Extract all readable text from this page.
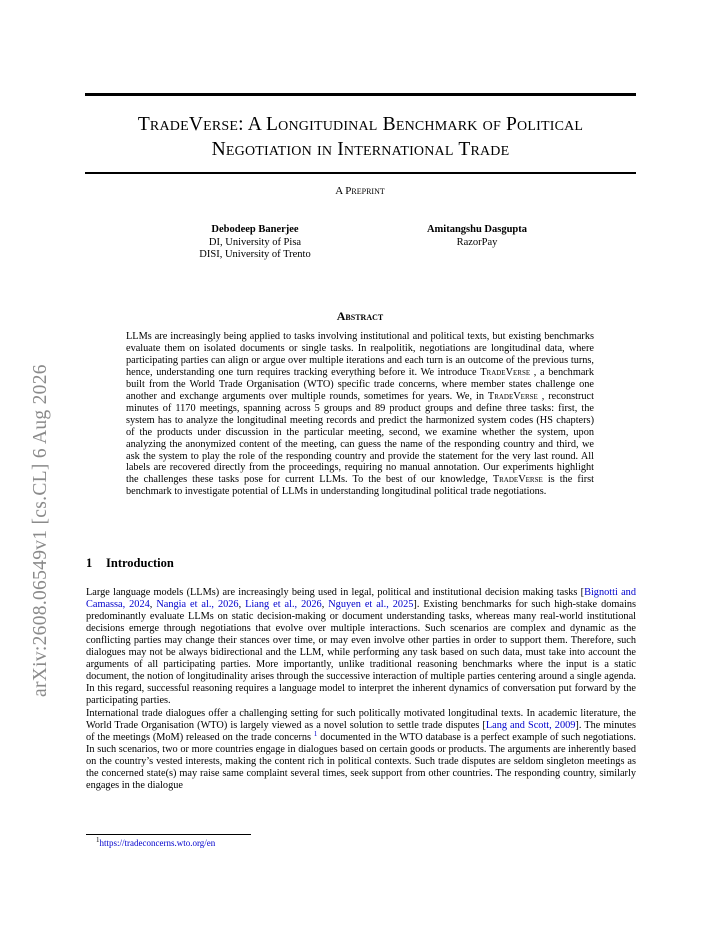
TradeVerse: A Longitudinal Benchmark of Political
Negotiation in International Trade
A Preprint
Debodeep Banerjee
DI, University of Pisa
DISI, University of Trento
Amitangshu Dasgupta
RazorPay
arXiv:2608.06549v1 [cs.CL] 6 Aug 2026
Abstract

LLMs are increasingly being applied to tasks involving institutional and political texts, but existing benchmarks evaluate them on isolated documents or single tasks. In realpolitik, negotiations are longitudinal data, where participating parties can align or argue over multiple iterations and each turn is an outcome of the previous turns, hence, understanding one turn requires tracking everything before it. We introduce TradeVerse , a benchmark built from the World Trade Organisation (WTO) specific trade concerns, where member states challenge one another and exchange arguments over multiple rounds, sometimes for years. We, in TradeVerse , reconstruct minutes of 1170 meetings, spanning across 5 groups and 89 product groups and define three tasks: first, the system has to analyze the longitudinal meeting records and predict the harmonized system codes (HS chapters) of the products under discussion in the particular meeting, second, we examine whether the system, upon analyzing the anonymized content of the meeting, can guess the name of the responding country and third, we ask the system to play the role of the responding country and provide the statement for the very last round. All labels are recovered directly from the proceedings, requiring no manual annotation. Our experiments highlight the challenges these tasks pose for current LLMs. To the best of our knowledge, TradeVerse is the first benchmark to investigate potential of LLMs in understanding longitudinal political trade negotiations.

1 Introduction

Large language models (LLMs) are increasingly being used in legal, political and institutional decision making tasks [Bignotti and Camassa, 2024, Nangia et al., 2026, Liang et al., 2026, Nguyen et al., 2025]. Existing benchmarks for such high-stake domains predominantly evaluate LLMs on static decision-making or document understanding tasks, whereas many real-world institutional decisions emerge through negotiations that evolve over multiple interactions. Such scenarios are complex and dynamic as the conflicting parties may change their stances over time, or may even involve other parties in order to support them. Therefore, such dialogues may not be always bidirectional and the LLM, while performing any task based on such data, must take into account the arguments of all participating parties. More importantly, unlike traditional reasoning benchmarks where the input is a static document, the notion of longitudinality arises through the successive interaction of multiple parties centering around a single agenda. In this regard, successful reasoning requires a language model to interpret the inherent dynamics of conversation put forward by the participating parties.

International trade dialogues offer a challenging setting for such politically motivated longitudinal texts. In academic literature, the World Trade Organisation (WTO) is largely viewed as a novel solution to settle trade disputes [Lang and Scott, 2009]. The minutes of the meetings (MoM) released on the trade concerns $^1$ documented in the WTO database is a perfect example of such negotiations. In such scenarios, two or more countries engage in dialogues based on certain goods or products. The arguments are inherently based on the country’s vested interests, making the content rich in political contexts. Such trade disputes are seldom singleton meetings as the concerned state(s) may raise same complaint several times, seek support from other countries. The responding country, similarly engages in the dialogue

$^1$https://tradeconcerns.wto.org/en
